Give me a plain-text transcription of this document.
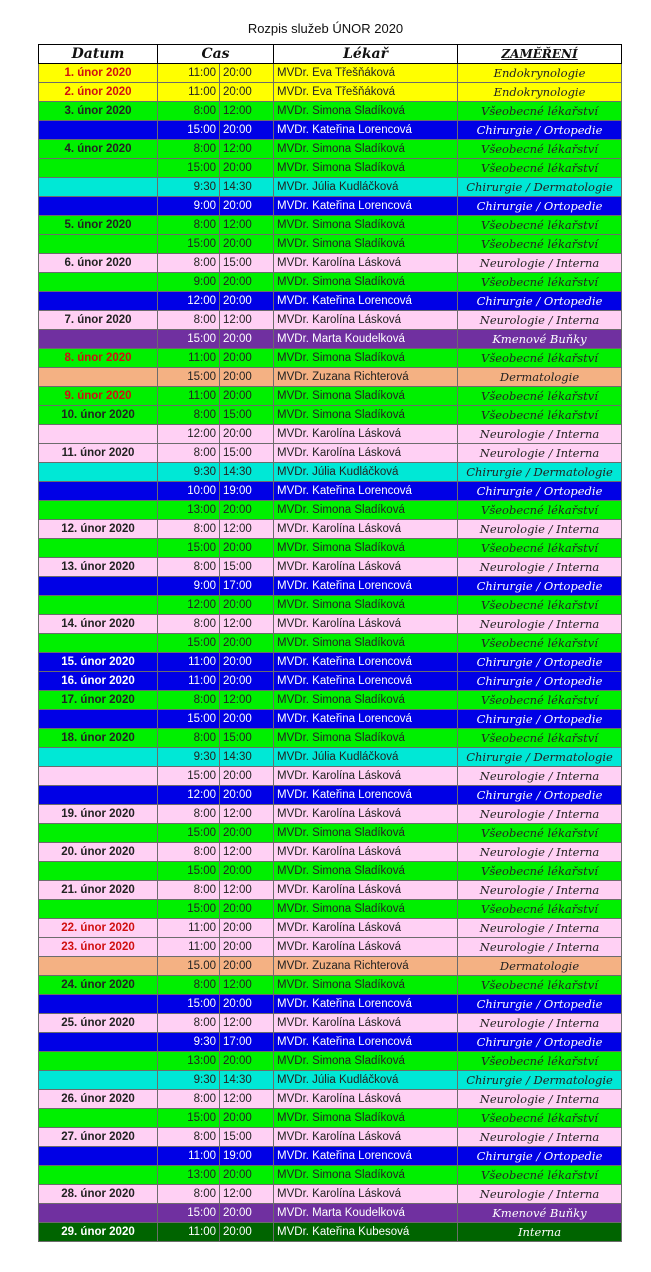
Rozpis služeb ÚNOR 2020
Datum	Cas		Lékař	ZAMĚŘENÍ
1. únor 2020	11:00	20:00	MVDr. Eva Třešňáková	Endokrynologie
2. únor 2020	11:00	20:00	MVDr. Eva Třešňáková	Endokrynologie
3. únor 2020	8:00	12:00	MVDr. Simona Sladíková	Všeobecné lékařství
	15:00	20:00	MVDr. Kateřina Lorencová	Chirurgie / Ortopedie
4. únor 2020	8:00	12:00	MVDr. Simona Sladíková	Všeobecné lékařství
	15:00	20:00	MVDr. Simona Sladíková	Všeobecné lékařství
	9:30	14:30	MVDr. Júlia Kudláčková	Chirurgie / Dermatologie
	9:00	20:00	MVDr. Kateřina Lorencová	Chirurgie / Ortopedie
5. únor 2020	8:00	12:00	MVDr. Simona Sladíková	Všeobecné lékařství
	15:00	20:00	MVDr. Simona Sladíková	Všeobecné lékařství
6. únor 2020	8:00	15:00	MVDr. Karolína Lásková	Neurologie / Interna
	9:00	20:00	MVDr. Simona Sladíková	Všeobecné lékařství
	12:00	20:00	MVDr. Kateřina Lorencová	Chirurgie / Ortopedie
7. únor 2020	8:00	12:00	MVDr. Karolína Lásková	Neurologie / Interna
	15:00	20:00	MVDr. Marta Koudelková	Kmenové Buňky
8. únor 2020	11:00	20:00	MVDr. Simona Sladíková	Všeobecné lékařství
	15:00	20:00	MVDr. Zuzana Richterová	Dermatologie
9. únor 2020	11:00	20:00	MVDr. Simona Sladíková	Všeobecné lékařství
10. únor 2020	8:00	15:00	MVDr. Simona Sladíková	Všeobecné lékařství
	12:00	20:00	MVDr. Karolína Lásková	Neurologie / Interna
11. únor 2020	8:00	15:00	MVDr. Karolína Lásková	Neurologie / Interna
	9:30	14:30	MVDr. Júlia Kudláčková	Chirurgie / Dermatologie
	10:00	19:00	MVDr. Kateřina Lorencová	Chirurgie / Ortopedie
	13:00	20:00	MVDr. Simona Sladíková	Všeobecné lékařství
12. únor 2020	8:00	12:00	MVDr. Karolína Lásková	Neurologie / Interna
	15:00	20:00	MVDr. Simona Sladíková	Všeobecné lékařství
13. únor 2020	8:00	15:00	MVDr. Karolína Lásková	Neurologie / Interna
	9:00	17:00	MVDr. Kateřina Lorencová	Chirurgie / Ortopedie
	12:00	20:00	MVDr. Simona Sladíková	Všeobecné lékařství
14. únor 2020	8:00	12:00	MVDr. Karolína Lásková	Neurologie / Interna
	15:00	20:00	MVDr. Simona Sladíková	Všeobecné lékařství
15. únor 2020	11:00	20:00	MVDr. Kateřina Lorencová	Chirurgie / Ortopedie
16. únor 2020	11:00	20:00	MVDr. Kateřina Lorencová	Chirurgie / Ortopedie
17. únor 2020	8:00	12:00	MVDr. Simona Sladíková	Všeobecné lékařství
	15:00	20:00	MVDr. Kateřina Lorencová	Chirurgie / Ortopedie
18. únor 2020	8:00	15:00	MVDr. Simona Sladíková	Všeobecné lékařství
	9:30	14:30	MVDr. Júlia Kudláčková	Chirurgie / Dermatologie
	15:00	20:00	MVDr. Karolína Lásková	Neurologie / Interna
	12:00	20:00	MVDr. Kateřina Lorencová	Chirurgie / Ortopedie
19. únor 2020	8:00	12:00	MVDr. Karolína Lásková	Neurologie / Interna
	15:00	20:00	MVDr. Simona Sladíková	Všeobecné lékařství
20. únor 2020	8:00	12:00	MVDr. Karolína Lásková	Neurologie / Interna
	15:00	20:00	MVDr. Simona Sladíková	Všeobecné lékařství
21. únor 2020	8:00	12:00	MVDr. Karolína Lásková	Neurologie / Interna
	15:00	20:00	MVDr. Simona Sladíková	Všeobecné lékařství
22. únor 2020	11:00	20:00	MVDr. Karolína Lásková	Neurologie / Interna
23. únor 2020	11:00	20:00	MVDr. Karolína Lásková	Neurologie / Interna
	15.00	20:00	MVDr. Zuzana Richterová	Dermatologie
24. únor 2020	8:00	12:00	MVDr. Simona Sladíková	Všeobecné lékařství
	15:00	20:00	MVDr. Kateřina Lorencová	Chirurgie / Ortopedie
25. únor 2020	8:00	12:00	MVDr. Karolína Lásková	Neurologie / Interna
	9:30	17:00	MVDr. Kateřina Lorencová	Chirurgie / Ortopedie
	13:00	20:00	MVDr. Simona Sladíková	Všeobecné lékařství
	9:30	14:30	MVDr. Júlia Kudláčková	Chirurgie / Dermatologie
26. únor 2020	8:00	12:00	MVDr. Karolína Lásková	Neurologie / Interna
	15:00	20:00	MVDr. Simona Sladíková	Všeobecné lékařství
27. únor 2020	8:00	15:00	MVDr. Karolína Lásková	Neurologie / Interna
	11:00	19:00	MVDr. Kateřina Lorencová	Chirurgie / Ortopedie
	13:00	20:00	MVDr. Simona Sladíková	Všeobecné lékařství
28. únor 2020	8:00	12:00	MVDr. Karolína Lásková	Neurologie / Interna
	15:00	20:00	MVDr. Marta Koudelková	Kmenové Buňky
29. únor 2020	11:00	20:00	MVDr. Kateřina Kubesová	Interna
